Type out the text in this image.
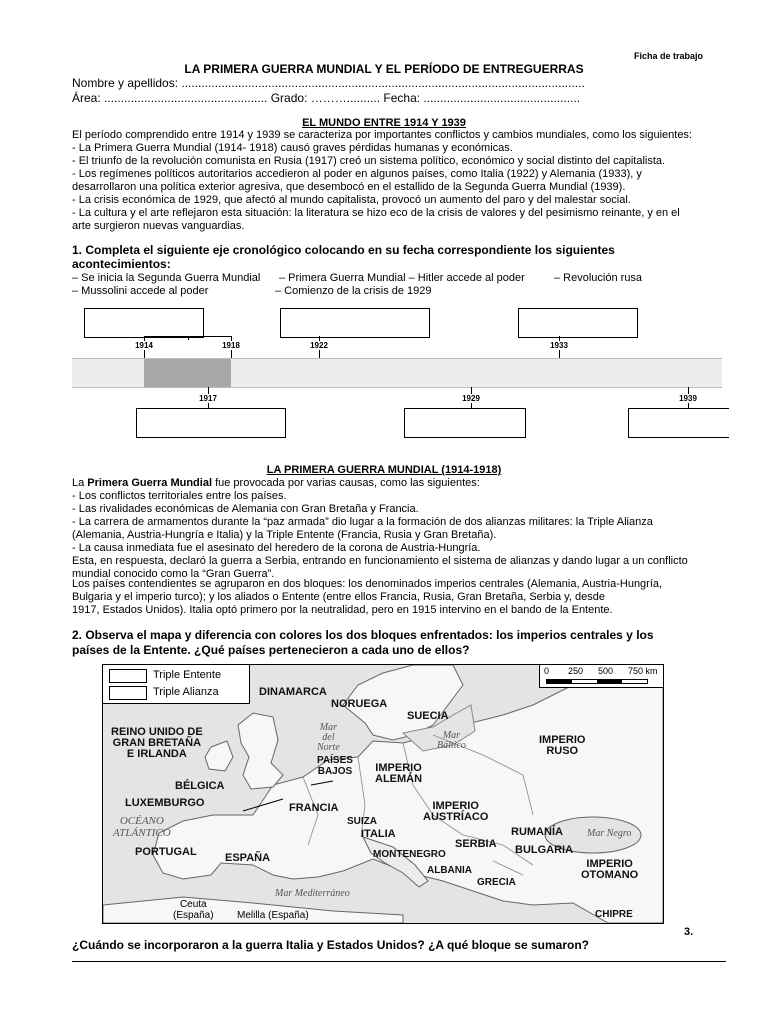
Ficha de trabajo
LA PRIMERA GUERRA MUNDIAL Y EL PERÍODO DE ENTREGUERRAS
Nombre y apellidos: .........................................................................................................................
Área: ................................................. Grado: ……….......... Fecha: ...............................................
EL MUNDO ENTRE 1914 Y 1939
El período comprendido entre 1914 y 1939 se caracteriza por importantes conflictos y cambios mundiales, como los siguientes:
- La Primera Guerra Mundial (1914- 1918) causó graves pérdidas humanas y económicas.
- El triunfo de la revolución comunista en Rusia (1917) creó un sistema político, económico y social distinto del capitalista.
- Los regímenes políticos autoritarios accedieron al poder en algunos países, como Italia (1922) y Alemania (1933), y
desarrollaron una política exterior agresiva, que desembocó en el estallido de la Segunda Guerra Mundial (1939).
- La crisis económica de 1929, que afectó al mundo capitalista, provocó un aumento del paro y del malestar social.
- La cultura y el arte reflejaron esta situación: la literatura se hizo eco de la crisis de valores y del pesimismo reinante, y en el
arte surgieron nuevas vanguardias.
1. Completa el siguiente eje cronológico colocando en su fecha correspondiente los siguientes
acontecimientos:
– Se inicia la Segunda Guerra Mundial – Primera Guerra Mundial – Hitler accede al poder	– Revolución rusa
– Mussolini accede al poder	– Comienzo de la crisis de 1929
1914	1918	1922	1933
1917	1929	1939
LA PRIMERA GUERRA MUNDIAL (1914-1918)
La Primera Guerra Mundial fue provocada por varias causas, como las siguientes:
- Los conflictos territoriales entre los países.
- Las rivalidades económicas de Alemania con Gran Bretaña y Francia.
- La carrera de armamentos durante la “paz armada” dio lugar a la formación de dos alianzas militares: la Triple Alianza
(Alemania, Austria-Hungría e Italia) y la Triple Entente (Francia, Rusia y Gran Bretaña).
- La causa inmediata fue el asesinato del heredero de la corona de Austria-Hungría.
Esta, en respuesta, declaró la guerra a Serbia, entrando en funcionamiento el sistema de alianzas y dando lugar a un conflicto
mundial conocido como la “Gran Guerra”.
Los países contendientes se agruparon en dos bloques: los denominados imperios centrales (Alemania, Austria-Hungría,
Bulgaria y el imperio turco); y los aliados o Entente (entre ellos Francia, Rusia, Gran Bretaña, Serbia y, desde
1917, Estados Unidos). Italia optó primero por la neutralidad, pero en 1915 intervino en el bando de la Entente.
2. Observa el mapa y diferencia con colores los dos bloques enfrentados: los imperios centrales y los
países de la Entente. ¿Qué países pertenecieron a cada uno de ellos?
Triple Entente
Triple Alianza
0 250 500 750 km
DINAMARCA
NORUEGA
SUECIA
REINO UNIDO DE
GRAN BRETAÑA
E IRLANDA
IMPERIO
RUSO
PAÍSES
BAJOS IMPERIO
ALEMÁN
BÉLGICA
LUXEMBURGO	FRANCIA	IMPERIO
AUSTRÍACO
SUIZA
ITALIA	RUMANÍA
SERBIA
PORTUGAL	ESPAÑA	MONTENEGRO	BULGARIA
ALBANIA
GRECIA
IMPERIO
OTOMANO
CHIPRE
Ceuta
(España) Melilla (España)
Mar
del
Norte
Mar
Báltico
OCÉANO
ATLÁNTICO	Mar Negro
Mar Mediterráneo
3.
¿Cuándo se incorporaron a la guerra Italia y Estados Unidos? ¿A qué bloque se sumaron?
